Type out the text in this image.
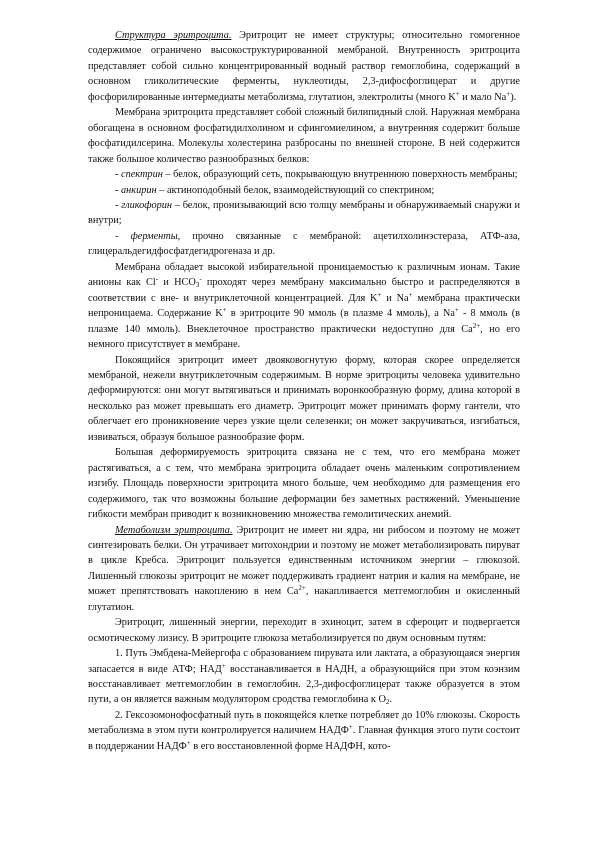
Структура эритроцита. Эритроцит не имеет структуры; относительно гомогенное содержимое ограничено высокоструктурированной мембраной. Внутренность эритроцита представляет собой сильно концентрированный водный раствор гемоглобина, содержащий в основном гликолитические ферменты, нуклеотиды, 2,3-дифосфоглицерат и другие фосфорилированные интермедиаты метаболизма, глутатион, электролиты (много K+ и мало Na+).

Мембрана эритроцита представляет собой сложный билипидный слой. Наружная мембрана обогащена в основном фосфатидилхолином и сфингомиелином, а внутренняя содержит больше фосфатидилсерина. Молекулы холестерина разбросаны по внешней стороне. В ней содержится также большое количество разнообразных белков:

- спектрин – белок, образующий сеть, покрывающую внутреннюю поверхность мембраны;

- анкирин – актиноподобный белок, взаимодействующий со спектрином;

- гликофорин – белок, пронизывающий всю толщу мембраны и обнаруживаемый снаружи и внутри;

- ферменты, прочно связанные с мембраной: ацетилхолинэстераза, АТФ-аза, глицеральдегидфосфатдегидрогеназа и др.

Мембрана обладает высокой избирательной проницаемостью к различным ионам. Такие анионы как Cl- и $HCO_3^-$ проходят через мембрану максимально быстро и распределяются в соответствии с вне- и внутриклеточной концентрацией. Для K+ и Na+ мембрана практически непроницаема. Содержание K+ в эритроците 90 ммоль (в плазме 4 ммоль), а Na+ - 8 ммоль (в плазме 140 ммоль). Внеклеточное пространство практически недоступно для $Ca^{2+}$, но его немного присутствует в мембране.

Покоящийся эритроцит имеет двояковогнутую форму, которая скорее определяется мембраной, нежели внутриклеточным содержимым. В норме эритроциты человека удивительно деформируются: они могут вытягиваться и принимать воронкообразную форму, длина которой в несколько раз может превышать его диаметр. Эритроцит может принимать форму гантели, что облегчает его проникновение через узкие щели селезенки; он может закручиваться, изгибаться, извиваться, образуя большое разнообразие форм.

Большая деформируемость эритроцита связана не с тем, что его мембрана может растягиваться, а с тем, что мембрана эритроцита обладает очень маленьким сопротивлением изгибу. Площадь поверхности эритроцита много больше, чем необходимо для размещения его содержимого, так что возможны большие деформации без заметных растяжений. Уменьшение гибкости мембран приводит к возникновению множества гемолитических анемий.

Метаболизм эритроцита. Эритроцит не имеет ни ядра, ни рибосом и поэтому не может синтезировать белки. Он утрачивает митохондрии и поэтому не может метаболизировать пируват в цикле Кребса. Эритроцит пользуется единственным источником энергии – глюкозой. Лишенный глюкозы эритроцит не может поддерживать градиент натрия и калия на мембране, не может препятствовать накоплению в нем $Ca^{2+}$, накапливается метгемоглобин и окисленный глутатион.

Эритроцит, лишенный энергии, переходит в эхиноцит, затем в сфероцит и подвергается осмотическому лизису. В эритроците глюкоза метаболизируется по двум основным путям:

1. Путь Эмбдена-Мейергофа с образованием пирувата или лактата, а образующаяся энергия запасается в виде АТФ; НАД+ восстанавливается в НАДН, а образующийся при этом коэнзим восстанавливает метгемоглобин в гемоглобин. 2,3-дифосфоглицерат также образуется в этом пути, а он является важным модулятором сродства гемоглобина к $O_2$.

2. Гексозомонофосфатный путь в покоящейся клетке потребляет до 10% глюкозы. Скорость метаболизма в этом пути контролируется наличием НАДФ+. Главная функция этого пути состоит в поддержании НАДФ+ в его восстановленной форме НАДФН, кото-
